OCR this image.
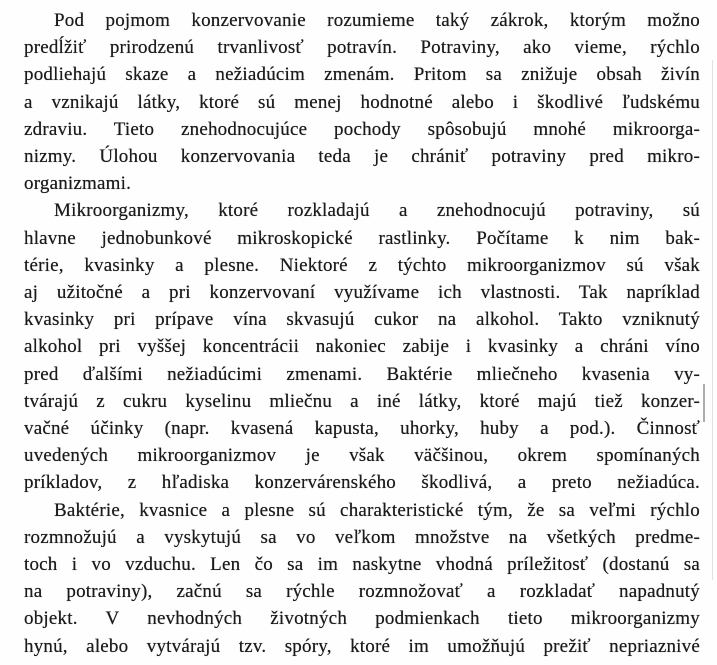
Pod pojmom konzervovanie rozumieme taký zákrok, ktorým možno
predĺžiť prirodzenú trvanlivosť potravín. Potraviny, ako vieme, rýchlo
podliehajú skaze a nežiadúcim zmenám. Pritom sa znižuje obsah živín
a vznikajú látky, ktoré sú menej hodnotné alebo i škodlivé ľudskému
zdraviu. Tieto znehodnocujúce pochody spôsobujú mnohé mikroorga-
nizmy. Úlohou konzervovania teda je chrániť potraviny pred mikro-
organizmami.
Mikroorganizmy, ktoré rozkladajú a znehodnocujú potraviny, sú
hlavne jednobunkové mikroskopické rastlinky. Počítame k nim bak-
térie, kvasinky a plesne. Niektoré z týchto mikroorganizmov sú však
aj užitočné a pri konzervovaní využívame ich vlastnosti. Tak napríklad
kvasinky pri prípave vína skvasujú cukor na alkohol. Takto vzniknutý
alkohol pri vyššej koncentrácii nakoniec zabije i kvasinky a chráni víno
pred ďalšími nežiadúcimi zmenami. Baktérie mliečneho kvasenia vy-
tvárajú z cukru kyselinu mliečnu a iné látky, ktoré majú tiež konzer-
vačné účinky (napr. kvasená kapusta, uhorky, huby a pod.). Činnosť
uvedených mikroorganizmov je však väčšinou, okrem spomínaných
príkladov, z hľadiska konzervárenského škodlivá, a preto nežiadúca.
Baktérie, kvasnice a plesne sú charakteristické tým, že sa veľmi rýchlo
rozmnožujú a vyskytujú sa vo veľkom množstve na všetkých predme-
toch i vo vzduchu. Len čo sa im naskytne vhodná príležitosť (dostanú sa
na potraviny), začnú sa rýchle rozmnožovať a rozkladať napadnutý
objekt. V nevhodných životných podmienkach tieto mikroorganizmy
hynú, alebo vytvárajú tzv. spóry, ktoré im umožňujú prežiť nepriaznivé
